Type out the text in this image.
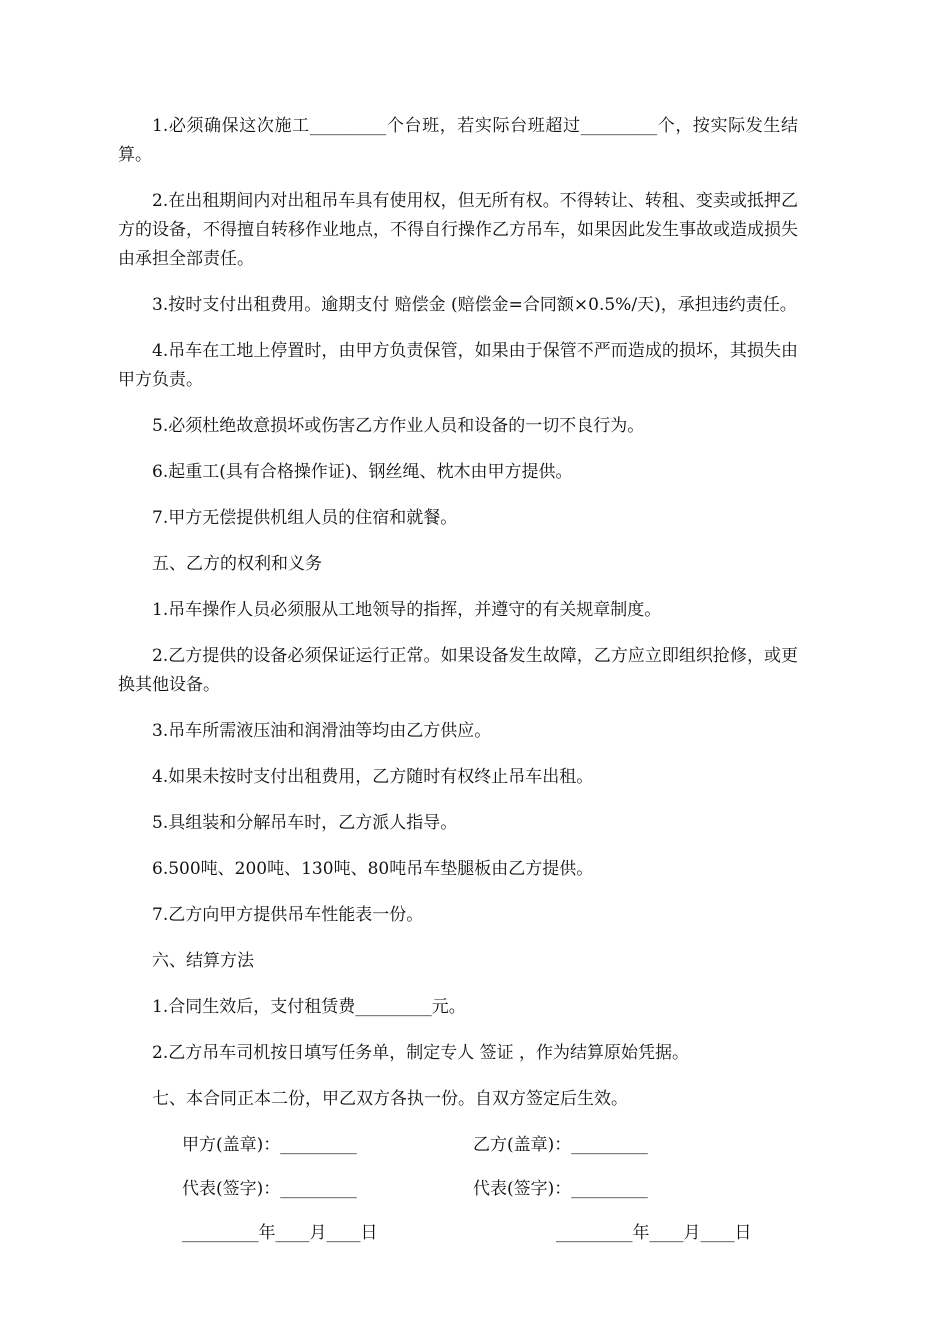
1.必须确保这次施工_________个台班，若实际台班超过_________个，按实际发生结算。

2.在出租期间内对出租吊车具有使用权，但无所有权。不得转让、转租、变卖或抵押乙方的设备，不得擅自转移作业地点，不得自行操作乙方吊车，如果因此发生事故或造成损失由承担全部责任。

3.按时支付出租费用。逾期支付 赔偿金 (赔偿金=合同额×0.5%/天)，承担违约责任。

4.吊车在工地上停置时，由甲方负责保管，如果由于保管不严而造成的损坏，其损失由甲方负责。

5.必须杜绝故意损坏或伤害乙方作业人员和设备的一切不良行为。

6.起重工(具有合格操作证)、钢丝绳、枕木由甲方提供。

7.甲方无偿提供机组人员的住宿和就餐。

五、乙方的权利和义务

1.吊车操作人员必须服从工地领导的指挥，并遵守的有关规章制度。

2.乙方提供的设备必须保证运行正常。如果设备发生故障，乙方应立即组织抢修，或更换其他设备。

3.吊车所需液压油和润滑油等均由乙方供应。

4.如果未按时支付出租费用，乙方随时有权终止吊车出租。

5.具组装和分解吊车时，乙方派人指导。

6.500吨、200吨、130吨、80吨吊车垫腿板由乙方提供。

7.乙方向甲方提供吊车性能表一份。

六、结算方法

1.合同生效后，支付租赁费_________元。

2.乙方吊车司机按日填写任务单，制定专人 签证 ，作为结算原始凭据。

七、本合同正本二份，甲乙双方各执一份。自双方签定后生效。

甲方(盖章)：_________	乙方(盖章)：_________
代表(签字)：_________	代表(签字)：_________
_________年____月____日	_________年____月____日
